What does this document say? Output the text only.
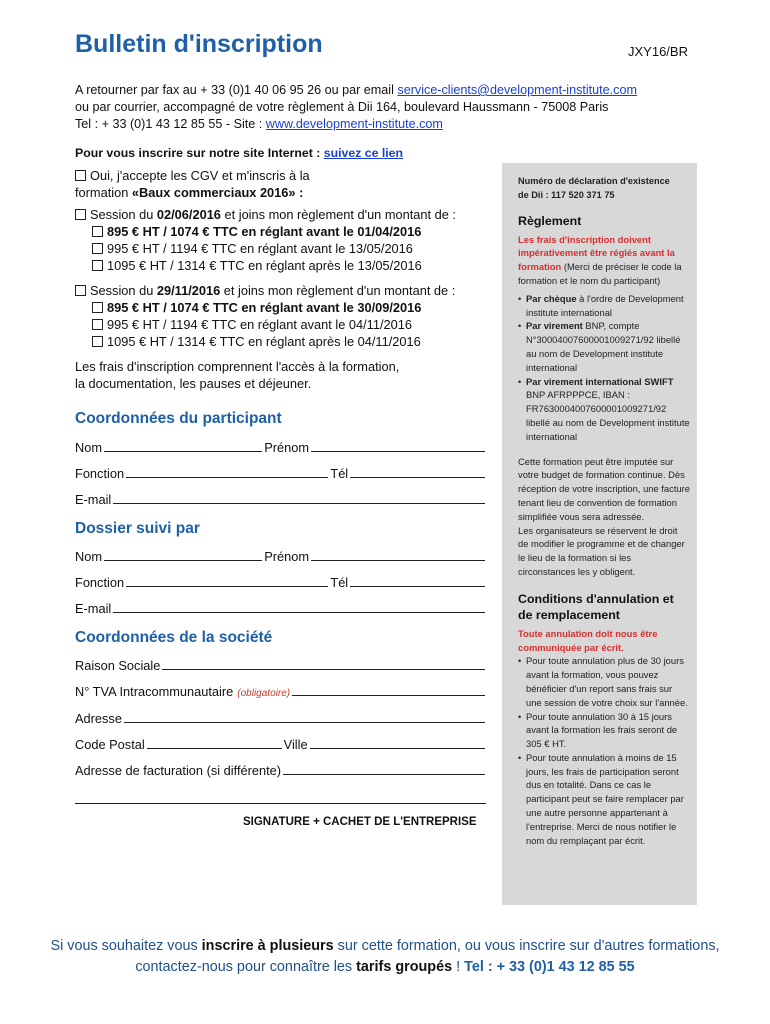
Bulletin d'inscription	JXY16/BR
A retourner par fax au + 33 (0)1 40 06 95 26 ou par email service-clients@development-institute.com
ou par courrier, accompagné de votre règlement à Dii 164, boulevard Haussmann - 75008 Paris
Tel : + 33 (0)1 43 12 85 55 - Site : www.development-institute.com
Pour vous inscrire sur notre site Internet : suivez ce lien
Oui, j'accepte les CGV et m'inscris à la
formation «Baux commerciaux 2016» :
Session du 02/06/2016 et joins mon règlement d'un montant de :
895 € HT / 1074 € TTC en réglant avant le 01/04/2016
995 € HT / 1194 € TTC en réglant avant le 13/05/2016
1095 € HT / 1314 € TTC en réglant après le 13/05/2016
Session du 29/11/2016 et joins mon règlement d'un montant de :
895 € HT / 1074 € TTC en réglant avant le 30/09/2016
995 € HT / 1194 € TTC en réglant avant le 04/11/2016
1095 € HT / 1314 € TTC en réglant après le 04/11/2016
Les frais d'inscription comprennent l'accès à la formation,
la documentation, les pauses et déjeuner.
Coordonnées du participant
Nom	Prénom
Fonction	Tél
E-mail
Dossier suivi par
Nom	Prénom
Fonction	Tél
E-mail
Coordonnées de la société
Raison Sociale
N° TVA Intracommunautaire (obligatoire)
Adresse
Code Postal	Ville
Adresse de facturation (si différente)
SIGNATURE + CACHET DE L'ENTREPRISE
Numéro de déclaration d'existence
de Dii : 117 520 371 75
Règlement
Les frais d'inscription doivent impérativement être réglés avant la formation (Merci de préciser le code la formation et le nom du participant)
• Par chèque à l'ordre de Development institute international
• Par virement BNP, compte N°30004007600001009271/92 libellé au nom de Development institute international
• Par virement international SWIFT BNP AFRPPPCE, IBAN : FR7630004007600001009271/92 libellé au nom de Development institute international
Cette formation peut être imputée sur votre budget de formation continue. Dès réception de votre inscription, une facture tenant lieu de convention de formation simplifiée vous sera adressée.
Les organisateurs se réservent le droit de modifier le programme et de changer le lieu de la formation si les circonstances les y obligent.
Conditions d'annulation et de remplacement
Toute annulation doit nous être communiquée par écrit.
• Pour toute annulation plus de 30 jours avant la formation, vous pouvez bénéficier d'un report sans frais sur une session de votre choix sur l'année.
• Pour toute annulation 30 à 15 jours avant la formation les frais seront de 305 € HT.
• Pour toute annulation à moins de 15 jours, les frais de participation seront dus en totalité. Dans ce cas le participant peut se faire remplacer par une autre personne appartenant à l'entreprise. Merci de nous notifier le nom du remplaçant par écrit.
Si vous souhaitez vous inscrire à plusieurs sur cette formation, ou vous inscrire sur d'autres formations, contactez-nous pour connaître les tarifs groupés ! Tel : + 33 (0)1 43 12 85 55
